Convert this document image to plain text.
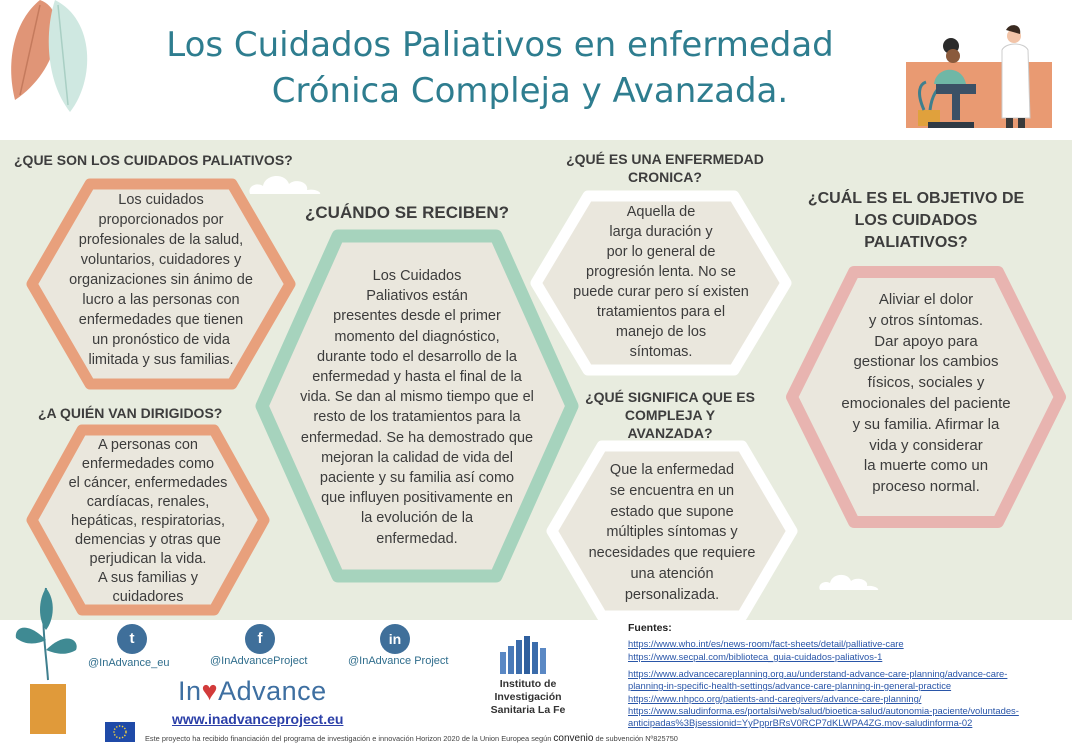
Los Cuidados Paliativos en enfermedad
Crónica Compleja y Avanzada.
¿QUE SON LOS CUIDADOS PALIATIVOS?
Los cuidados
proporcionados por
profesionales de la salud,
voluntarios, cuidadores y
organizaciones sin ánimo de
lucro a las personas con
enfermedades que tienen
un pronóstico de vida
limitada y sus familias.
¿A QUIÉN VAN DIRIGIDOS?
A personas con
enfermedades como
el cáncer, enfermedades
cardíacas, renales,
hepáticas, respiratorias,
demencias y otras que
perjudican la vida.
A sus familias y
cuidadores
¿CUÁNDO SE RECIBEN?
Los Cuidados
Paliativos están
presentes desde el primer
momento del diagnóstico,
durante todo el desarrollo de la
enfermedad y hasta el final de la
vida. Se dan al mismo tiempo que el
resto de los tratamientos para la
enfermedad. Se ha demostrado que
mejoran la calidad de vida del
paciente y su familia así como
que influyen positivamente en
la evolución de la
enfermedad.
¿QUÉ ES UNA ENFERMEDAD
CRONICA?
Aquella de
larga duración y
por lo general de
progresión lenta. No se
puede curar pero sí existen
tratamientos para el
manejo de los
síntomas.
¿QUÉ SIGNIFICA QUE ES
COMPLEJA Y
AVANZADA?
Que la enfermedad
se encuentra en un
estado que supone
múltiples síntomas y
necesidades que requiere
una atención
personalizada.
¿CUÁL ES EL OBJETIVO DE
LOS CUIDADOS
PALIATIVOS?
Aliviar el dolor
y otros síntomas.
Dar apoyo para
gestionar los cambios
físicos, sociales y
emocionales del paciente
y su familia. Afirmar la
vida y considerar
la muerte como un
proceso normal.
t
@InAdvance_eu
f
@InAdvanceProject
in
@InAdvance Project
In♥Advance
www.inadvanceproject.eu
Instituto de Investigación
Sanitaria La Fe
Fuentes:
https://www.who.int/es/news-room/fact-sheets/detail/palliative-care
https://www.secpal.com/biblioteca_guia-cuidados-paliativos-1
https://www.advancecareplanning.org.au/understand-advance-care-planning/advance-care-
planning-in-specific-health-settings/advance-care-planning-in-general-practice
https://www.nhpco.org/patients-and-caregivers/advance-care-planning/
https://www.saludinforma.es/portalsi/web/salud/bioetica-salud/autonomia-paciente/voluntades-
anticipadas%3Bjsessionid=YyPpprBRsV0RCP7dKLWPA4ZG.mov-saludinforma-02
Este proyecto ha recibido financiación del programa de investigación e innovación Horizon 2020 de la Union Europea según convenio de subvención Nº825750
